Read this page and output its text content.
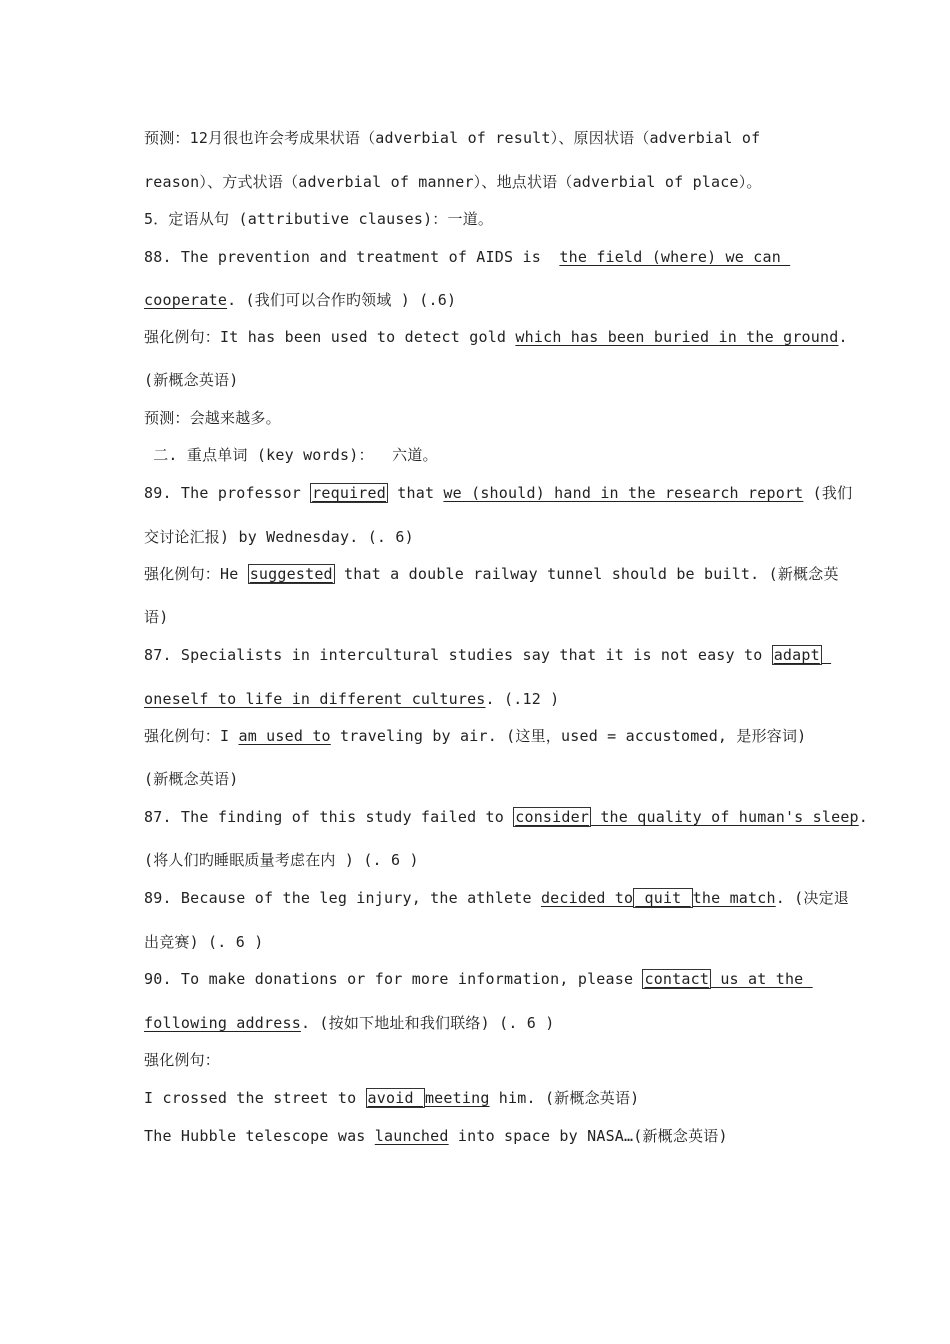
预测：12月很也许会考成果状语（adverbial of result）、原因状语（adverbial of
reason）、方式状语（adverbial of manner）、地点状语（adverbial of place）。
5．定语从句 (attributive clauses)：一道。
88. The prevention and treatment of AIDS is  the field (where) we can
cooperate. (我们可以合作旳领域 ) (.6)
强化例句：It has been used to detect gold which has been buried in the ground.
(新概念英语)
预测：会越来越多。
二. 重点单词 (key words)：  六道。
89. The professor required that we (should) hand in the research report (我们
交讨论汇报) by Wednesday. (. 6)
强化例句：He suggested that a double railway tunnel should be built. (新概念英
语)
87. Specialists in intercultural studies say that it is not easy to adapt
oneself to life in different cultures. (.12 )
强化例句：I am used to traveling by air. (这里，used = accustomed, 是形容词)
(新概念英语)
87. The finding of this study failed to consider the quality of human's sleep.
(将人们旳睡眠质量考虑在内 ) (. 6 )
89. Because of the leg injury, the athlete decided to quit the match. (决定退
出竞赛) (. 6 )
90. To make donations or for more information, please contact us at the
following address. (按如下地址和我们联络) (. 6 )
强化例句：
I crossed the street to avoid meeting him. (新概念英语)
The Hubble telescope was launched into space by NASA…(新概念英语)
